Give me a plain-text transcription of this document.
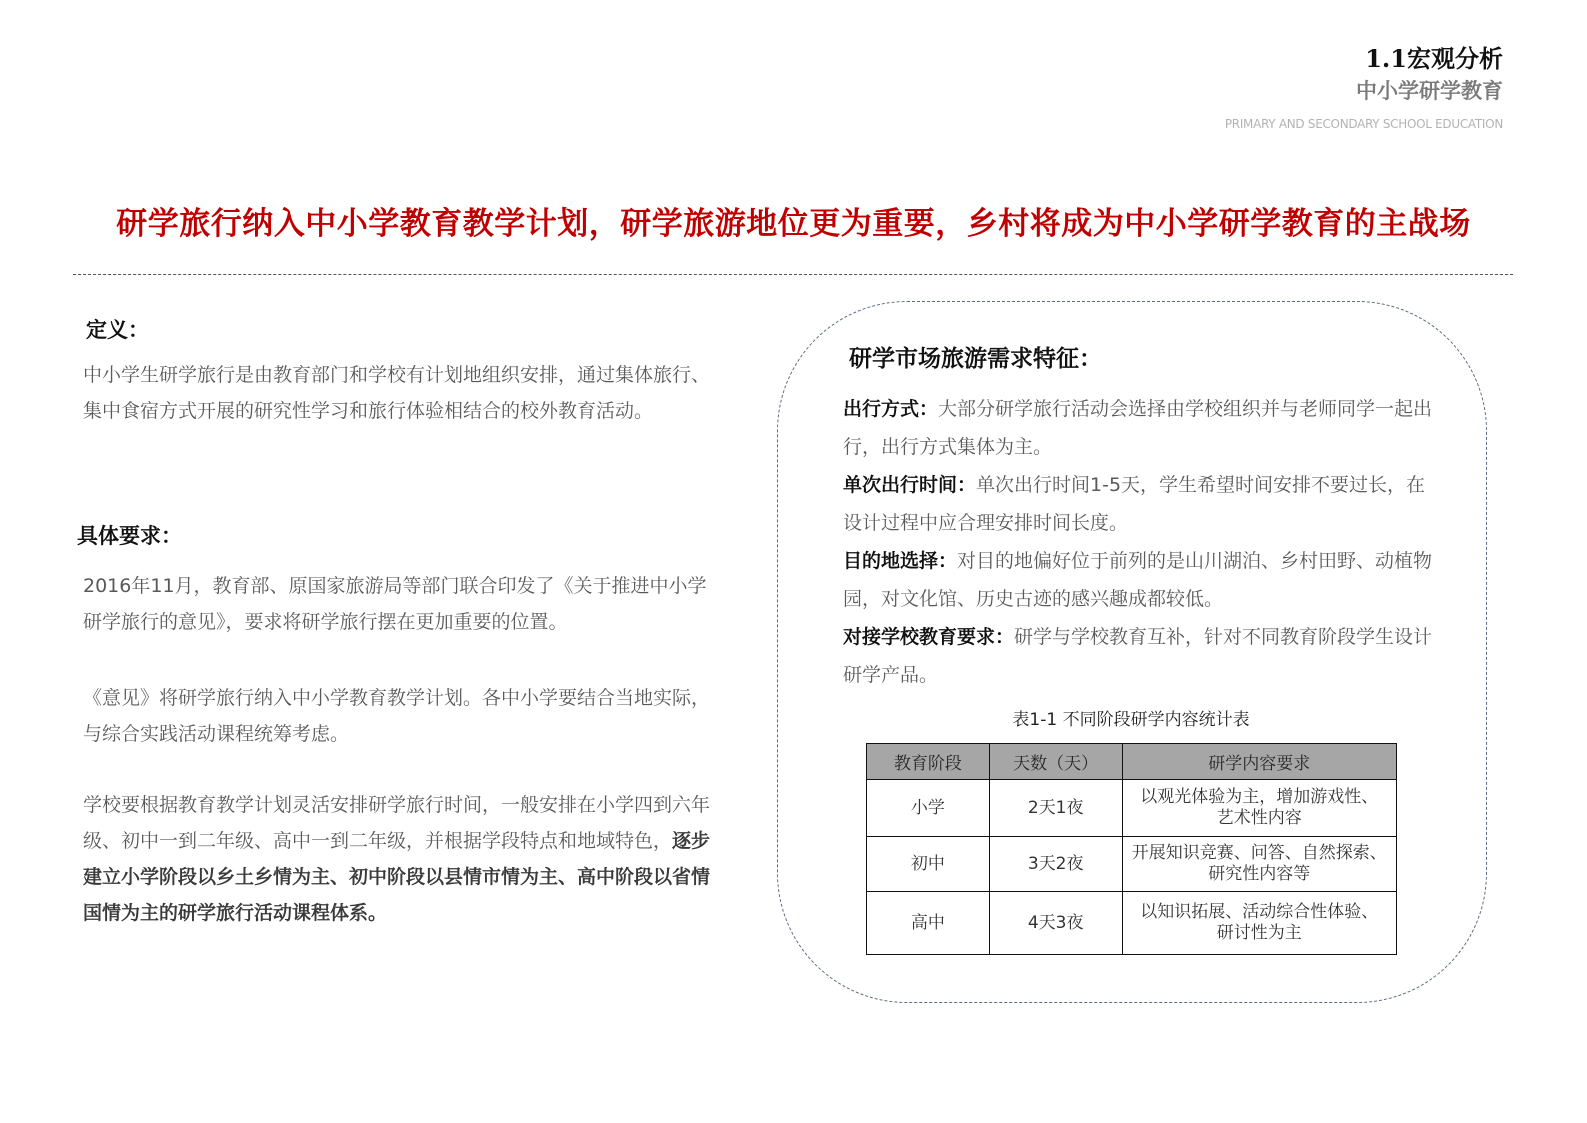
1.1宏观分析
中小学研学教育
PRIMARY AND SECONDARY SCHOOL EDUCATION
研学旅行纳入中小学教育教学计划，研学旅游地位更为重要，乡村将成为中小学研学教育的主战场
定义：
中小学生研学旅行是由教育部门和学校有计划地组织安排，通过集体旅行、集中食宿方式开展的研究性学习和旅行体验相结合的校外教育活动。
具体要求：
2016年11月，教育部、原国家旅游局等部门联合印发了《关于推进中小学研学旅行的意见》，要求将研学旅行摆在更加重要的位置。
《意见》将研学旅行纳入中小学教育教学计划。各中小学要结合当地实际，与综合实践活动课程统筹考虑。
学校要根据教育教学计划灵活安排研学旅行时间，一般安排在小学四到六年级、初中一到二年级、高中一到二年级，并根据学段特点和地域特色，逐步建立小学阶段以乡土乡情为主、初中阶段以县情市情为主、高中阶段以省情国情为主的研学旅行活动课程体系。
研学市场旅游需求特征：
出行方式：大部分研学旅行活动会选择由学校组织并与老师同学一起出行，出行方式集体为主。
单次出行时间：单次出行时间1-5天，学生希望时间安排不要过长，在设计过程中应合理安排时间长度。
目的地选择：对目的地偏好位于前列的是山川湖泊、乡村田野、动植物园，对文化馆、历史古迹的感兴趣成都较低。
对接学校教育要求：研学与学校教育互补，针对不同教育阶段学生设计研学产品。
表1-1 不同阶段研学内容统计表
教育阶段	天数（天）	研学内容要求
小学	2天1夜	以观光体验为主，增加游戏性、
艺术性内容

初中	3天2夜	开展知识竞赛、问答、自然探索、
研究性内容等

高中	4天3夜	以知识拓展、活动综合性体验、
研讨性为主
